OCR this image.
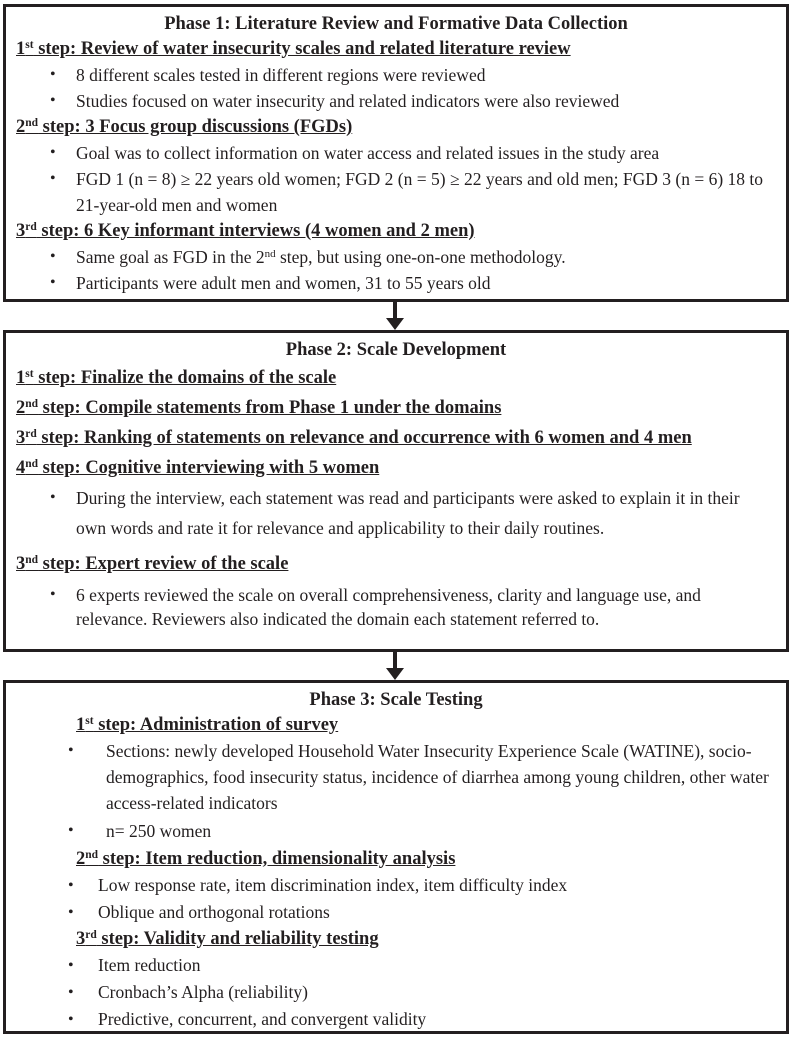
Phase 1: Literature Review and Formative Data Collection

1st step: Review of water insecurity scales and related literature review

• 8 different scales tested in different regions were reviewed
• Studies focused on water insecurity and related indicators were also reviewed

2nd step: 3 Focus group discussions (FGDs)

• Goal was to collect information on water access and related issues in the study area
• FGD 1 (n = 8) ≥ 22 years old women; FGD 2 (n = 5) ≥ 22 years and old men; FGD 3 (n = 6) 18 to 21-year-old men and women

3rd step: 6 Key informant interviews (4 women and 2 men)

• Same goal as FGD in the 2nd step, but using one-on-one methodology.
• Participants were adult men and women, 31 to 55 years old
Phase 2: Scale Development

1st step: Finalize the domains of the scale

2nd step: Compile statements from Phase 1 under the domains

3rd step: Ranking of statements on relevance and occurrence with 6 women and 4 men

4nd step: Cognitive interviewing with 5 women

• During the interview, each statement was read and participants were asked to explain it in their own words and rate it for relevance and applicability to their daily routines.

3nd step: Expert review of the scale

• 6 experts reviewed the scale on overall comprehensiveness, clarity and language use, and relevance. Reviewers also indicated the domain each statement referred to.
Phase 3: Scale Testing

1st step: Administration of survey

• Sections: newly developed Household Water Insecurity Experience Scale (WATINE), socio-demographics, food insecurity status, incidence of diarrhea among young children, other water access-related indicators
• n= 250 women

2nd step: Item reduction, dimensionality analysis

• Low response rate, item discrimination index, item difficulty index
• Oblique and orthogonal rotations

3rd step: Validity and reliability testing

• Item reduction
• Cronbach’s Alpha (reliability)
• Predictive, concurrent, and convergent validity
